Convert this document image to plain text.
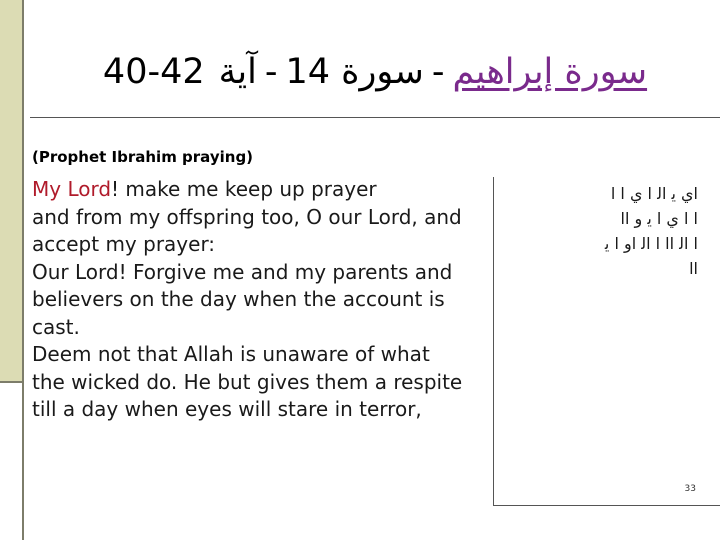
40-42 آية - سورة 14 - سورة إبراهيم
(Prophet Ibrahim praying)
My Lord! make me keep up prayer
and from my offspring too, O our Lord, and
accept my prayer:
Our Lord! Forgive me and my parents and
believers on the day when the account is
cast.
Deem not that Allah is unaware of what
the wicked do. He but gives them a respite
till a day when eyes will stare in terror,
اي ﻳ ﺍﻟ ﺍ ي ﺍ ﺍ
ﺍ ﺍ ي ﺍ ﻳ ﻭ ﺍﺍ
ﺍ ﺍﻟ ﺍﺍ ﺍ ﺍﻟ ﺍﻭ ﺍ ﻳ
ﺍﺍ
33
